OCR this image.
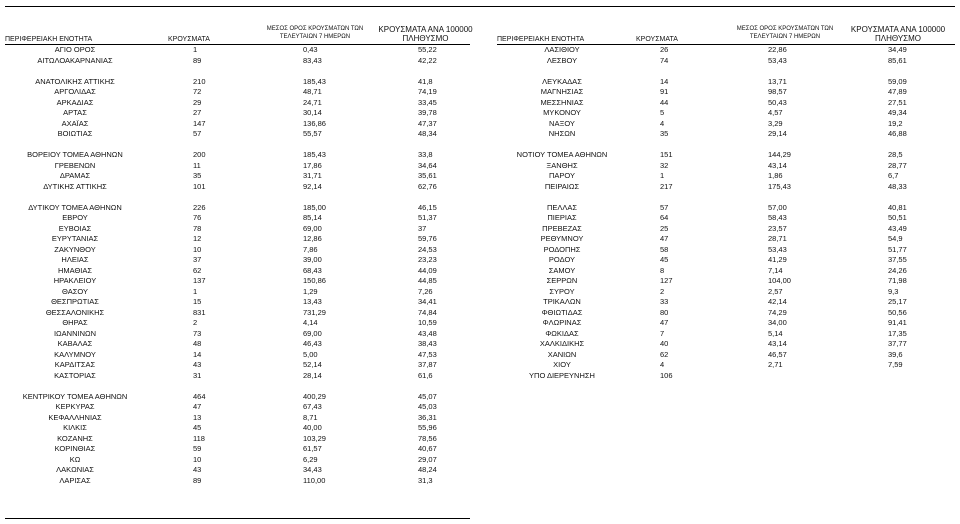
ΠΕΡΙΦΕΡΕΙΑΚΗ ΕΝΟΤΗΤΑ	ΚΡΟΥΣΜΑΤΑ
ΜΕΣΟΣ ΟΡΟΣ ΚΡΟΥΣΜΑΤΩΝ ΤΩΝ
ΤΕΛΕΥΤΑΙΩΝ 7 ΗΜΕΡΩΝ
ΚΡΟΥΣΜΑΤΑ ΑΝΑ 100000
ΠΛΗΘΥΣΜΟ	ΠΕΡΙΦΕΡΕΙΑΚΗ ΕΝΟΤΗΤΑ	ΚΡΟΥΣΜΑΤΑ
ΜΕΣΟΣ ΟΡΟΣ ΚΡΟΥΣΜΑΤΩΝ ΤΩΝ
ΤΕΛΕΥΤΑΙΩΝ 7 ΗΜΕΡΩΝ
ΚΡΟΥΣΜΑΤΑ ΑΝΑ 100000
ΠΛΗΘΥΣΜΟ
ΑΓΙΟ ΟΡΟΣ	1	0,43	55,22
ΑΙΤΩΛΟΑΚΑΡΝΑΝΙΑΣ	89	83,43	42,22
ΑΝΑΤΟΛΙΚΗΣ ΑΤΤΙΚΗΣ	210	185,43	41,8
ΑΡΓΟΛΙΔΑΣ	72	48,71	74,19
ΑΡΚΑΔΙΑΣ	29	24,71	33,45
ΑΡΤΑΣ	27	30,14	39,78
ΑΧΑΪΑΣ	147	136,86	47,37
ΒΟΙΩΤΙΑΣ	57	55,57	48,34
ΒΟΡΕΙΟΥ ΤΟΜΕΑ ΑΘΗΝΩΝ	200	185,43	33,8
ΓΡΕΒΕΝΩΝ	11	17,86	34,64
ΔΡΑΜΑΣ	35	31,71	35,61
ΔΥΤΙΚΗΣ ΑΤΤΙΚΗΣ	101	92,14	62,76
ΔΥΤΙΚΟΥ ΤΟΜΕΑ ΑΘΗΝΩΝ	226	185,00	46,15
ΕΒΡΟΥ	76	85,14	51,37
ΕΥΒΟΙΑΣ	78	69,00	37
ΕΥΡΥΤΑΝΙΑΣ	12	12,86	59,76
ΖΑΚΥΝΘΟΥ	10	7,86	24,53
ΗΛΕΙΑΣ	37	39,00	23,23
ΗΜΑΘΙΑΣ	62	68,43	44,09
ΗΡΑΚΛΕΙΟΥ	137	150,86	44,85
ΘΑΣΟΥ	1	1,29	7,26
ΘΕΣΠΡΩΤΙΑΣ	15	13,43	34,41
ΘΕΣΣΑΛΟΝΙΚΗΣ	831	731,29	74,84
ΘΗΡΑΣ	2	4,14	10,59
ΙΩΑΝΝΙΝΩΝ	73	69,00	43,48
ΚΑΒΑΛΑΣ	48	46,43	38,43
ΚΑΛΥΜΝΟΥ	14	5,00	47,53
ΚΑΡΔΙΤΣΑΣ	43	52,14	37,87
ΚΑΣΤΟΡΙΑΣ	31	28,14	61,6
ΚΕΝΤΡΙΚΟΥ ΤΟΜΕΑ ΑΘΗΝΩΝ	464	400,29	45,07
ΚΕΡΚΥΡΑΣ	47	67,43	45,03
ΚΕΦΑΛΛΗΝΙΑΣ	13	8,71	36,31
ΚΙΛΚΙΣ	45	40,00	55,96
ΚΟΖΑΝΗΣ	118	103,29	78,56
ΚΟΡΙΝΘΙΑΣ	59	61,57	40,67
ΚΩ	10	6,29	29,07
ΛΑΚΩΝΙΑΣ	43	34,43	48,24
ΛΑΡΙΣΑΣ	89	110,00	31,3
ΛΑΣΙΘΙΟΥ	26	22,86	34,49
ΛΕΣΒΟΥ	74	53,43	85,61
ΛΕΥΚΑΔΑΣ	14	13,71	59,09
ΜΑΓΝΗΣΙΑΣ	91	98,57	47,89
ΜΕΣΣΗΝΙΑΣ	44	50,43	27,51
ΜΥΚΟΝΟΥ	5	4,57	49,34
ΝΑΞΟΥ	4	3,29	19,2
ΝΗΣΩΝ	35	29,14	46,88
ΝΟΤΙΟΥ ΤΟΜΕΑ ΑΘΗΝΩΝ	151	144,29	28,5
ΞΑΝΘΗΣ	32	43,14	28,77
ΠΑΡΟΥ	1	1,86	6,7
ΠΕΙΡΑΙΩΣ	217	175,43	48,33
ΠΕΛΛΑΣ	57	57,00	40,81
ΠΙΕΡΙΑΣ	64	58,43	50,51
ΠΡΕΒΕΖΑΣ	25	23,57	43,49
ΡΕΘΥΜΝΟΥ	47	28,71	54,9
ΡΟΔΟΠΗΣ	58	53,43	51,77
ΡΟΔΟΥ	45	41,29	37,55
ΣΑΜΟΥ	8	7,14	24,26
ΣΕΡΡΩΝ	127	104,00	71,98
ΣΥΡΟΥ	2	2,57	9,3
ΤΡΙΚΑΛΩΝ	33	42,14	25,17
ΦΘΙΩΤΙΔΑΣ	80	74,29	50,56
ΦΛΩΡΙΝΑΣ	47	34,00	91,41
ΦΩΚΙΔΑΣ	7	5,14	17,35
ΧΑΛΚΙΔΙΚΗΣ	40	43,14	37,77
ΧΑΝΙΩΝ	62	46,57	39,6
ΧΙΟΥ	4	2,71	7,59
ΥΠΟ ΔΙΕΡΕΥΝΗΣΗ	106
